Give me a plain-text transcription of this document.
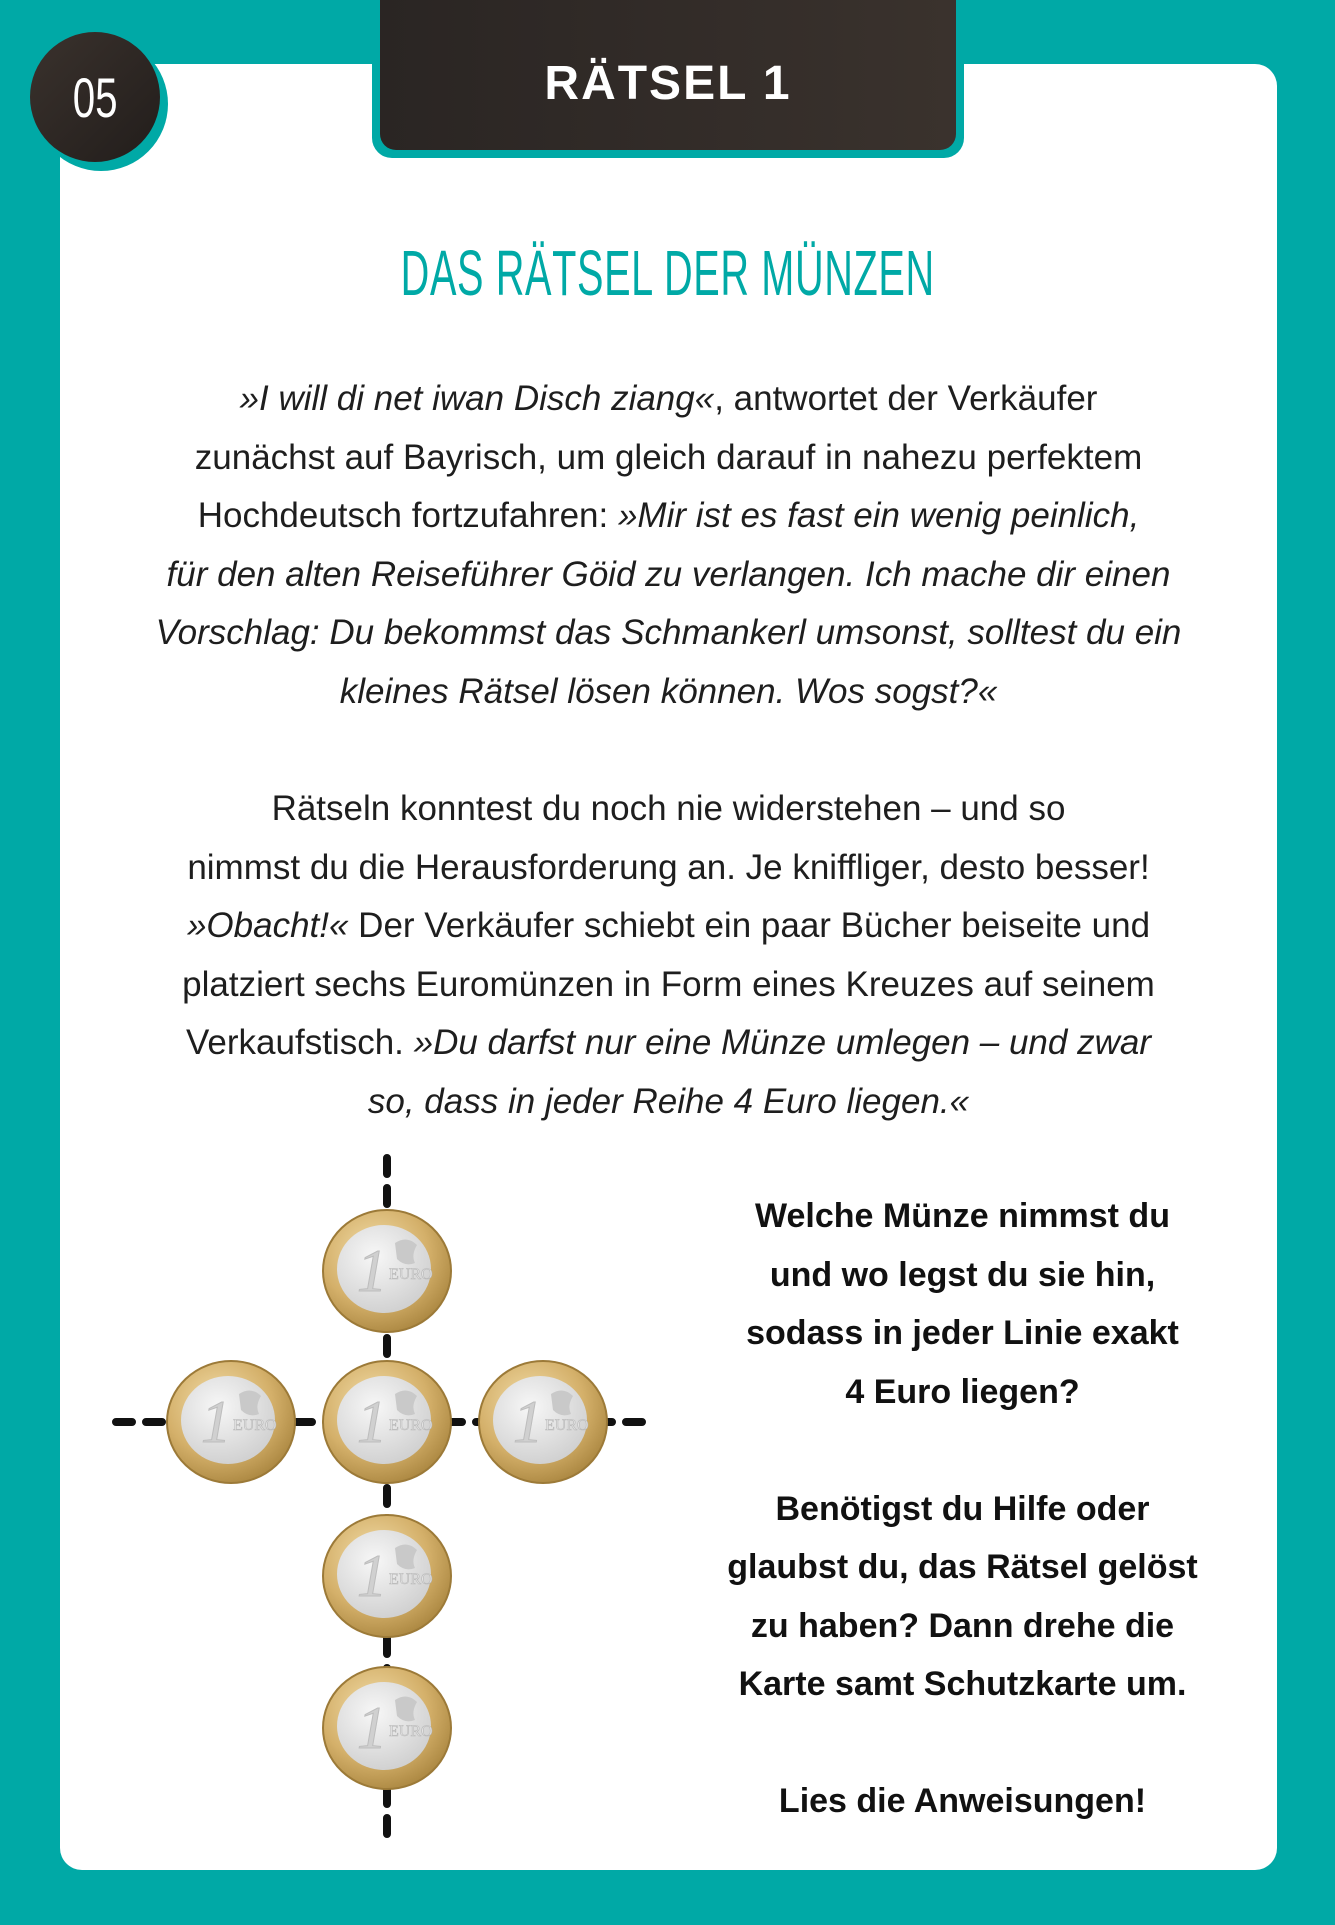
RÄTSEL 1
05
DAS RÄTSEL DER MÜNZEN
»I will di net iwan Disch ziang«, antwortet der Verkäufer
zunächst auf Bayrisch, um gleich darauf in nahezu perfektem
Hochdeutsch fortzufahren: »Mir ist es fast ein wenig peinlich,
für den alten Reiseführer Göid zu verlangen. Ich mache dir einen
Vorschlag: Du bekommst das Schmankerl umsonst, solltest du ein
kleines Rätsel lösen können. Wos sogst?«
Rätseln konntest du noch nie widerstehen – und so
nimmst du die Herausforderung an. Je kniffliger, desto besser!
»Obacht!« Der Verkäufer schiebt ein paar Bücher beiseite und
platziert sechs Euromünzen in Form eines Kreuzes auf seinem
Verkaufstisch. »Du darfst nur eine Münze umlegen – und zwar
so, dass in jeder Reihe 4 Euro liegen.«
1 EURO
1 EURO 1 EURO 1 EURO
1 EURO
1 EURO
Welche Münze nimmst du
und wo legst du sie hin,
sodass in jeder Linie exakt
4 Euro liegen?
Benötigst du Hilfe oder
glaubst du, das Rätsel gelöst
zu haben? Dann drehe die
Karte samt Schutzkarte um.
Lies die Anweisungen!
